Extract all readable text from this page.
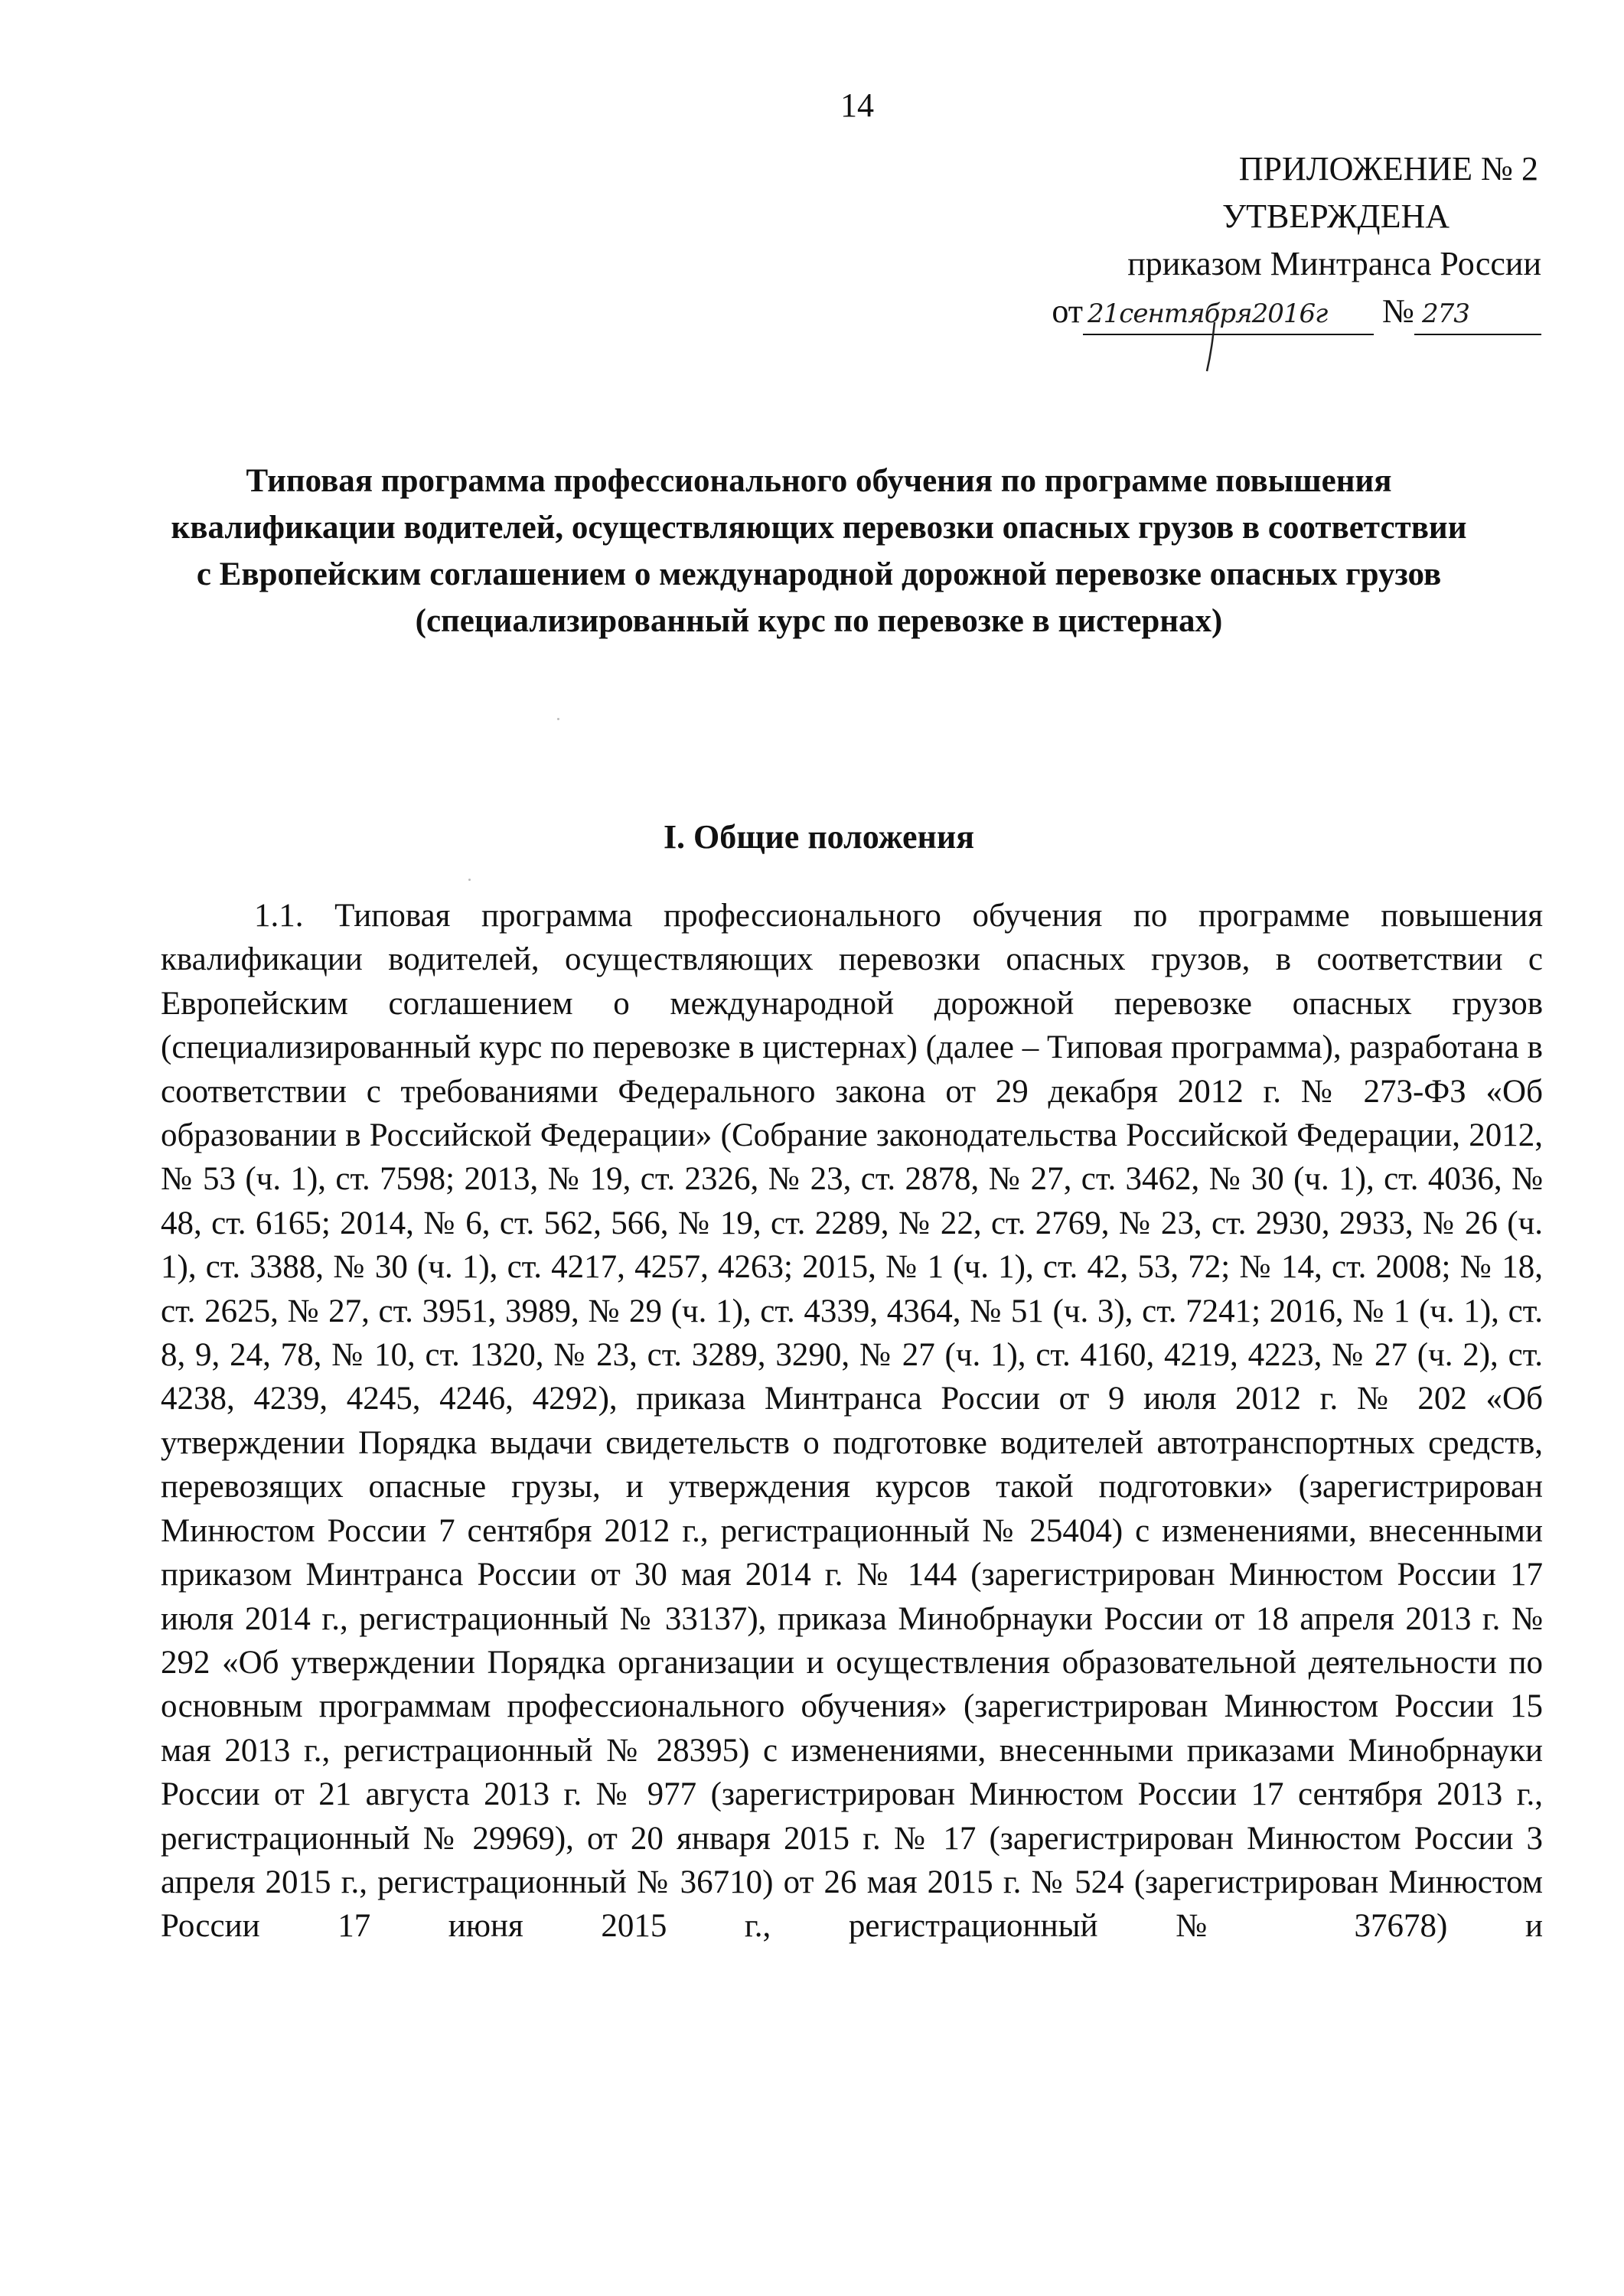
14
ПРИЛОЖЕНИЕ № 2
УТВЕРЖДЕНА
приказом Минтранса России
от 21сентября2016г № 273
Типовая программа профессионального обучения по программе повышения квалификации водителей, осуществляющих перевозки опасных грузов в соответствии с Европейским соглашением о международной дорожной перевозке опасных грузов (специализированный курс по перевозке в цистернах)
I. Общие положения
1.1. Типовая программа профессионального обучения по программе повышения квалификации водителей, осуществляющих перевозки опасных грузов, в соответствии с Европейским соглашением о международной дорожной перевозке опасных грузов (специализированный курс по перевозке в цистернах) (далее – Типовая программа), разработана в соответствии с требованиями Федерального закона от 29 декабря 2012 г. № 273-ФЗ «Об образовании в Российской Федерации» (Собрание законодательства Российской Федерации, 2012, № 53 (ч. 1), ст. 7598; 2013, № 19, ст. 2326, № 23, ст. 2878, № 27, ст. 3462, № 30 (ч. 1), ст. 4036, № 48, ст. 6165; 2014, № 6, ст. 562, 566, № 19, ст. 2289, № 22, ст. 2769, № 23, ст. 2930, 2933, № 26 (ч. 1), ст. 3388, № 30 (ч. 1), ст. 4217, 4257, 4263; 2015, № 1 (ч. 1), ст. 42, 53, 72; № 14, ст. 2008; № 18, ст. 2625, № 27, ст. 3951, 3989, № 29 (ч. 1), ст. 4339, 4364, № 51 (ч. 3), ст. 7241; 2016, № 1 (ч. 1), ст. 8, 9, 24, 78, № 10, ст. 1320, № 23, ст. 3289, 3290, № 27 (ч. 1), ст. 4160, 4219, 4223, № 27 (ч. 2), ст. 4238, 4239, 4245, 4246, 4292), приказа Минтранса России от 9 июля 2012 г. № 202 «Об утверждении Порядка выдачи свидетельств о подготовке водителей автотранспортных средств, перевозящих опасные грузы, и утверждения курсов такой подготовки» (зарегистрирован Минюстом России 7 сентября 2012 г., регистрационный № 25404) с изменениями, внесенными приказом Минтранса России от 30 мая 2014 г. № 144 (зарегистрирован Минюстом России 17 июля 2014 г., регистрационный № 33137), приказа Минобрнауки России от 18 апреля 2013 г. № 292 «Об утверждении Порядка организации и осуществления образовательной деятельности по основным программам профессионального обучения» (зарегистрирован Минюстом России 15 мая 2013 г., регистрационный № 28395) с изменениями, внесенными приказами Минобрнауки России от 21 августа 2013 г. № 977 (зарегистрирован Минюстом России 17 сентября 2013 г., регистрационный № 29969), от 20 января 2015 г. № 17 (зарегистрирован Минюстом России 3 апреля 2015 г., регистрационный № 36710) от 26 мая 2015 г. № 524 (зарегистрирован Минюстом России 17 июня 2015 г., регистрационный № 37678) и
